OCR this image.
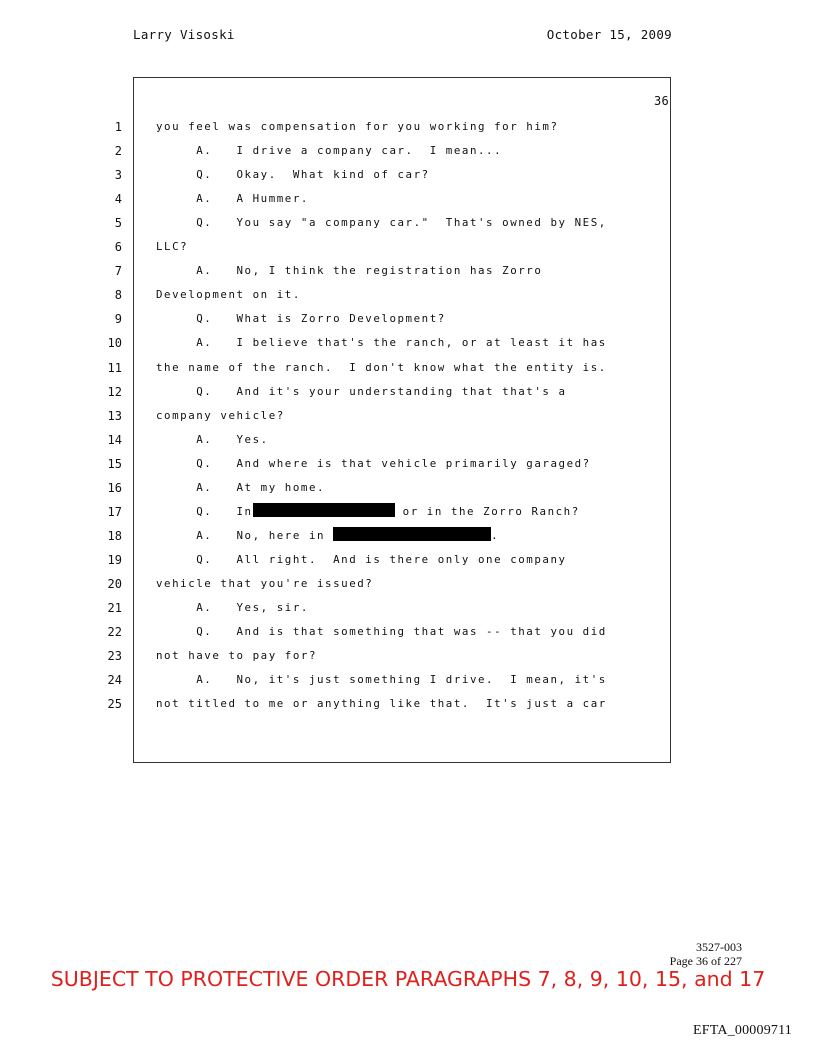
Larry Visoski	October 15, 2009
36
1	you feel was compensation for you working for him?
2	A.   I drive a company car.  I mean...
3	Q.   Okay.  What kind of car?
4	A.   A Hummer.
5	Q.   You say "a company car."  That's owned by NES,
6	LLC?
7	A.   No, I think the registration has Zorro
8	Development on it.
9	Q.   What is Zorro Development?
10	A.   I believe that's the ranch, or at least it has
11	the name of the ranch.  I don't know what the entity is.
12	Q.   And it's your understanding that that's a
13	company vehicle?
14	A.   Yes.
15	Q.   And where is that vehicle primarily garaged?
16	A.   At my home.
17	Q.   In	or in the Zorro Ranch?
18	A.   No, here in	.
19	Q.   All right.  And is there only one company
20	vehicle that you're issued?
21	A.   Yes, sir.
22	Q.   And is that something that was -- that you did
23	not have to pay for?
24	A.   No, it's just something I drive.  I mean, it's
25	not titled to me or anything like that.  It's just a car
3527-003
Page 36 of 227
SUBJECT TO PROTECTIVE ORDER PARAGRAPHS 7, 8, 9, 10, 15, and 17
EFTA_00009711
